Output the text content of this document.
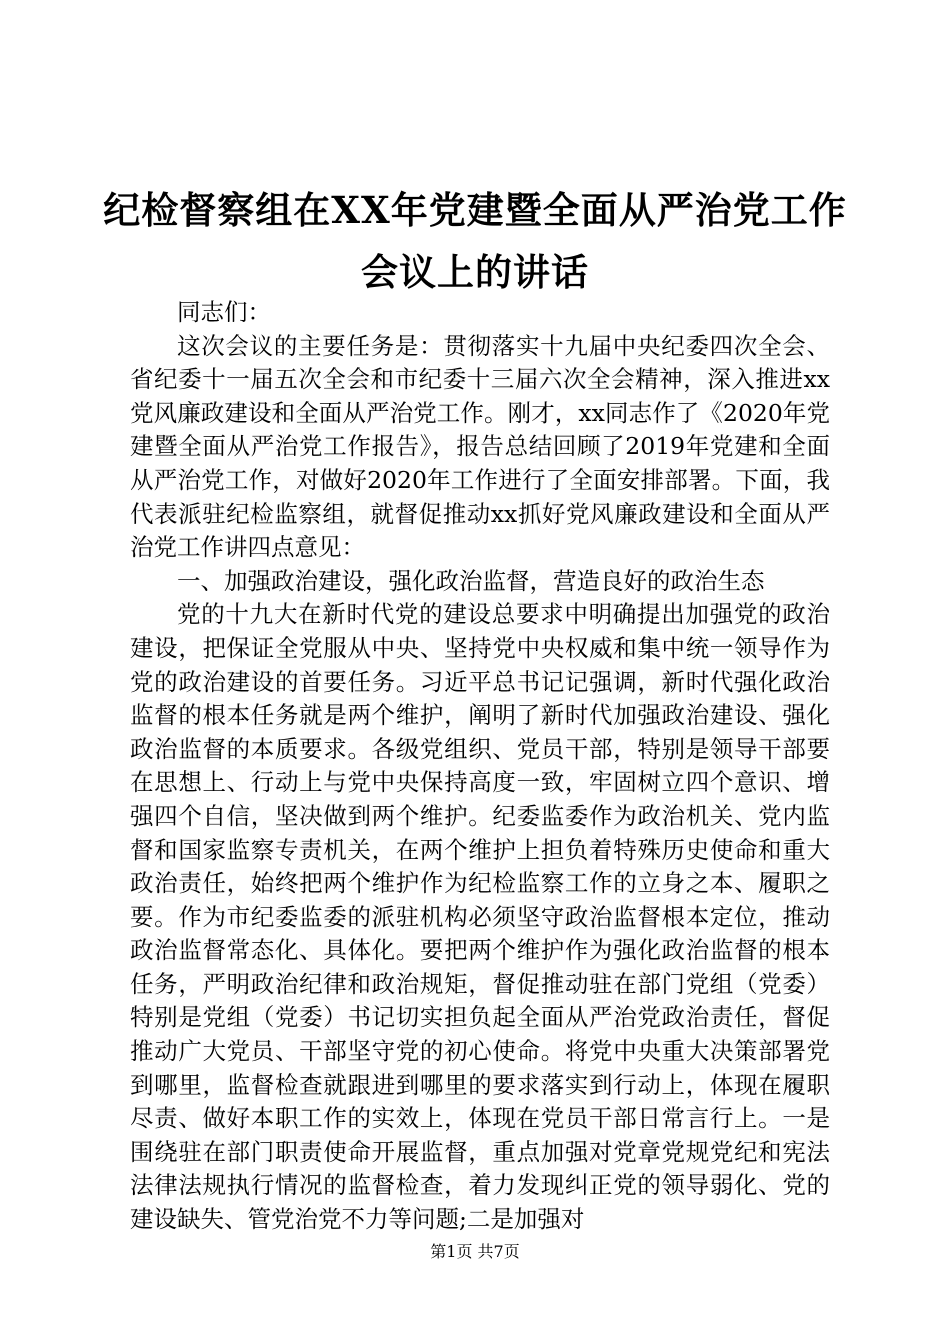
纪检督察组在XX年党建暨全面从严治党工作
会议上的讲话

同志们：

这次会议的主要任务是：贯彻落实十九届中央纪委四次全会、省纪委十一届五次全会和市纪委十三届六次全会精神，深入推进xx党风廉政建设和全面从严治党工作。刚才，xx同志作了《2020年党建暨全面从严治党工作报告》，报告总结回顾了2019年党建和全面从严治党工作，对做好2020年工作进行了全面安排部署。下面，我代表派驻纪检监察组，就督促推动xx抓好党风廉政建设和全面从严治党工作讲四点意见：

一、加强政治建设，强化政治监督，营造良好的政治生态

党的十九大在新时代党的建设总要求中明确提出加强党的政治建设，把保证全党服从中央、坚持党中央权威和集中统一领导作为党的政治建设的首要任务。习近平总书记记强调，新时代强化政治监督的根本任务就是两个维护，阐明了新时代加强政治建设、强化政治监督的本质要求。各级党组织、党员干部，特别是领导干部要在思想上、行动上与党中央保持高度一致，牢固树立四个意识、增强四个自信，坚决做到两个维护。纪委监委作为政治机关、党内监督和国家监察专责机关，在两个维护上担负着特殊历史使命和重大政治责任，始终把两个维护作为纪检监察工作的立身之本、履职之要。作为市纪委监委的派驻机构必须坚守政治监督根本定位，推动政治监督常态化、具体化。要把两个维护作为强化政治监督的根本任务，严明政治纪律和政治规矩，督促推动驻在部门党组（党委）特别是党组（党委）书记切实担负起全面从严治党政治责任，督促推动广大党员、干部坚守党的初心使命。将党中央重大决策部署党到哪里，监督检查就跟进到哪里的要求落实到行动上，体现在履职尽责、做好本职工作的实效上，体现在党员干部日常言行上。一是围绕驻在部门职责使命开展监督，重点加强对党章党规党纪和宪法法律法规执行情况的监督检查，着力发现纠正党的领导弱化、党的建设缺失、管党治党不力等问题;二是加强对

第1页 共7页
